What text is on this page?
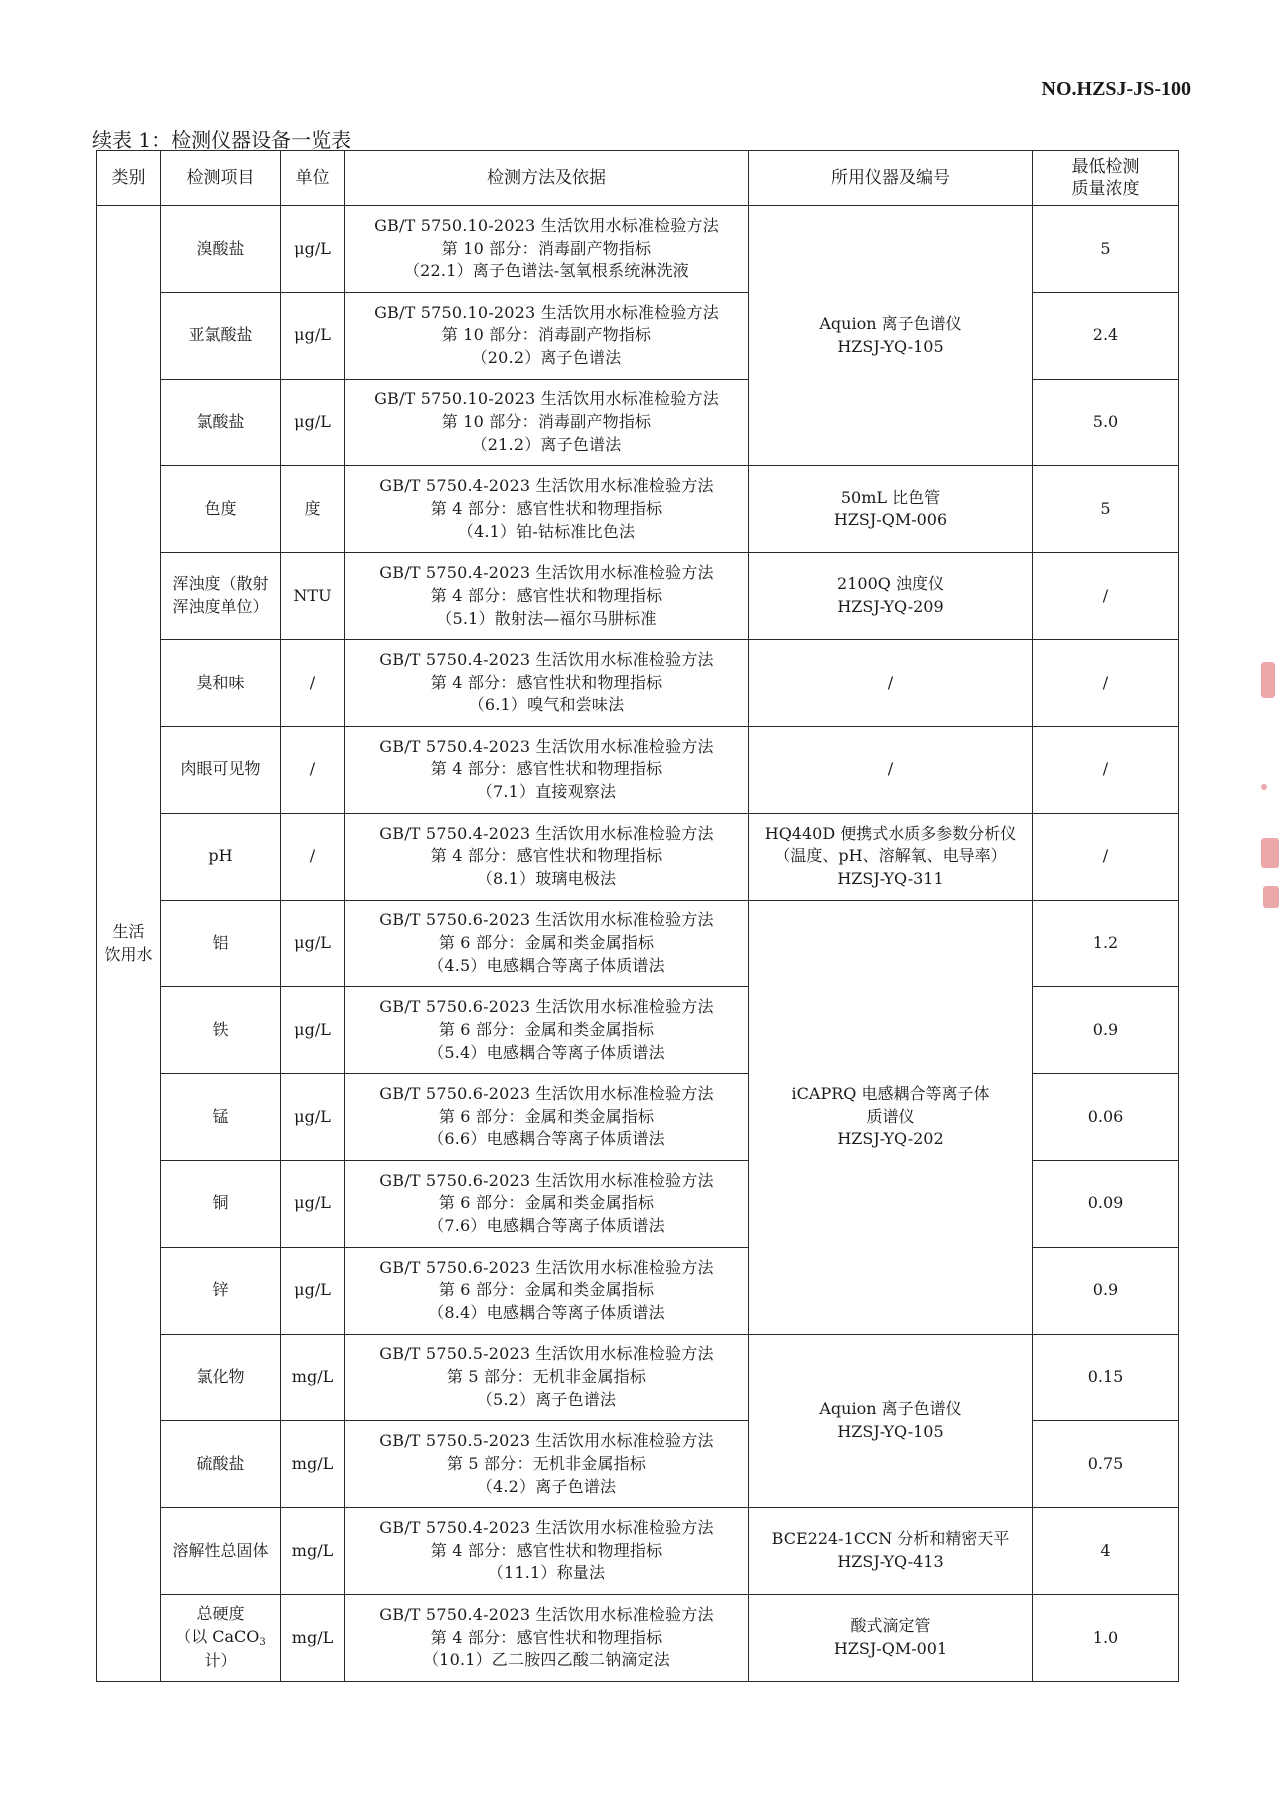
NO.HZSJ-JS-100
续表 1：检测仪器设备一览表
类别	检测项目	单位	检测方法及依据	所用仪器及编号	最低检测
质量浓度

生活
饮用水	溴酸盐	μg/L	GB/T 5750.10-2023 生活饮用水标准检验方法
第 10 部分：消毒副产物指标
（22.1）离子色谱法-氢氧根系统淋洗液	Aquion 离子色谱仪
HZSJ-YQ-105	5
	亚氯酸盐	μg/L	GB/T 5750.10-2023 生活饮用水标准检验方法
第 10 部分：消毒副产物指标
（20.2）离子色谱法		2.4
	氯酸盐	μg/L	GB/T 5750.10-2023 生活饮用水标准检验方法
第 10 部分：消毒副产物指标
（21.2）离子色谱法		5.0
	色度	度	GB/T 5750.4-2023 生活饮用水标准检验方法
第 4 部分：感官性状和物理指标
（4.1）铂-钴标准比色法	50mL 比色管
HZSJ-QM-006	5

	浑浊度（散射
浑浊度单位）	NTU	GB/T 5750.4-2023 生活饮用水标准检验方法
第 4 部分：感官性状和物理指标
（5.1）散射法—福尔马肼标准	2100Q 浊度仪
HZSJ-YQ-209	/
	臭和味	/	GB/T 5750.4-2023 生活饮用水标准检验方法
第 4 部分：感官性状和物理指标
（6.1）嗅气和尝味法	/	/
	肉眼可见物	/	GB/T 5750.4-2023 生活饮用水标准检验方法
第 4 部分：感官性状和物理指标
（7.1）直接观察法	/	/
	pH	/	GB/T 5750.4-2023 生活饮用水标准检验方法
第 4 部分：感官性状和物理指标
（8.1）玻璃电极法	HQ440D 便携式水质多参数分析仪
（温度、pH、溶解氧、电导率）
HZSJ-YQ-311	/
	铝	μg/L	GB/T 5750.6-2023 生活饮用水标准检验方法
第 6 部分：金属和类金属指标
（4.5）电感耦合等离子体质谱法	iCAPRQ 电感耦合等离子体
质谱仪
HZSJ-YQ-202	1.2
	铁	μg/L	GB/T 5750.6-2023 生活饮用水标准检验方法
第 6 部分：金属和类金属指标
（5.4）电感耦合等离子体质谱法		0.9
	锰	μg/L	GB/T 5750.6-2023 生活饮用水标准检验方法
第 6 部分：金属和类金属指标
（6.6）电感耦合等离子体质谱法		0.06
	铜	μg/L	GB/T 5750.6-2023 生活饮用水标准检验方法
第 6 部分：金属和类金属指标
（7.6）电感耦合等离子体质谱法		0.09
	锌	μg/L	GB/T 5750.6-2023 生活饮用水标准检验方法
第 6 部分：金属和类金属指标
（8.4）电感耦合等离子体质谱法		0.9
	氯化物	mg/L	GB/T 5750.5-2023 生活饮用水标准检验方法
第 5 部分：无机非金属指标
（5.2）离子色谱法	Aquion 离子色谱仪
HZSJ-YQ-105	0.15
	硫酸盐	mg/L	GB/T 5750.5-2023 生活饮用水标准检验方法
第 5 部分：无机非金属指标
（4.2）离子色谱法		0.75
	溶解性总固体	mg/L	GB/T 5750.4-2023 生活饮用水标准检验方法
第 4 部分：感官性状和物理指标
（11.1）称量法	BCE224-1CCN 分析和精密天平
HZSJ-YQ-413	4

	总硬度
（以 CaCO$_3$计）	mg/L	GB/T 5750.4-2023 生活饮用水标准检验方法
第 4 部分：感官性状和物理指标
（10.1）乙二胺四乙酸二钠滴定法	酸式滴定管
HZSJ-QM-001	1.0
